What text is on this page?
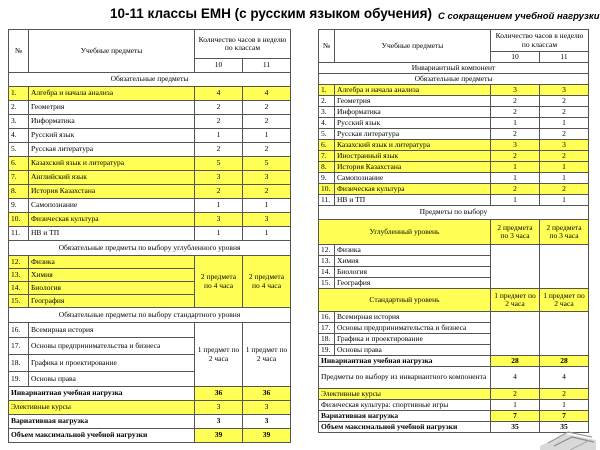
10-11 классы ЕМН (с русским языком обучения) С сокращением учебной нагрузки
№	Учебные предметы	Количество часов в неделю по классам	
		10	11
Обязательные предметы			
1.	Алгебра и начала анализа	4	4
2.	Геометрия	2	2
3.	Информатика	2	2
4.	Русский язык	1	1
5.	Русская литература	2	2
6.	Казахский язык и литература	5	5
7.	Английский язык	3	3
8.	История Казахстана	2	2
9.	Самопознание	1	1
10.	Физическая культура	3	3
11.	НВ и ТП	1	1
Обязательные предметы по выбору углубленного уровня			
12.	Физика	2 предмета по 4 часа	2 предмета по 4 часа
13.	Химия		
14.	Биология		
15.	География		
Обязательные предметы по выбору стандартного уровня			
16.	Всемирная история	1 предмет по 2 часа	1 предмет по 2 часа
17.	Основы предпринимательства и бизнеса		
18.	Графика и проектирование		
19.	Основы права		
Инвариантная учебная нагрузка		36	36
Элективные курсы		3	3
Вариативная нагрузка		3	3
Объем максимальной учебной нагрузки		39	39
№	Учебные предметы	Количество часов в неделю по классам	
		10	11
Инвариантный компонент			
Обязательные предметы			
1.	Алгебра и начала анализа	3	3
2.	Геометрия	2	2
3.	Информатика	2	2
4.	Русский язык	1	1
5.	Русская литература	2	2
6.	Казахский язык и литература	3	3
7.	Иностранный язык	2	2
8.	История Казахстана	1	1
9.	Самопознание	1	1
10.	Физическая культура	2	2
11.	НВ и ТП	1	1
Предметы по выбору			
Углубленный уровень		2 предмета по 3 часа	2 предмета по 3 часа
12.	Физика		
13.	Химия		
14.	Биология		
15.	География		
Стандартный уровень		1 предмет по 2 часа	1 предмет по 2 часа
16.	Всемирная история		
17.	Основы предпринимательства и бизнеса		
18.	Графика и проектирование		
19.	Основы права		
Инвариантная учебная нагрузка		28	28
Предметы по выбору из инвариантного компонента		4	4
Элективные курсы		2	2
Физическая культура: спортивные игры		1	1
Вариативная нагрузка		7	7
Объем максимальной учебной нагрузки		35	35
